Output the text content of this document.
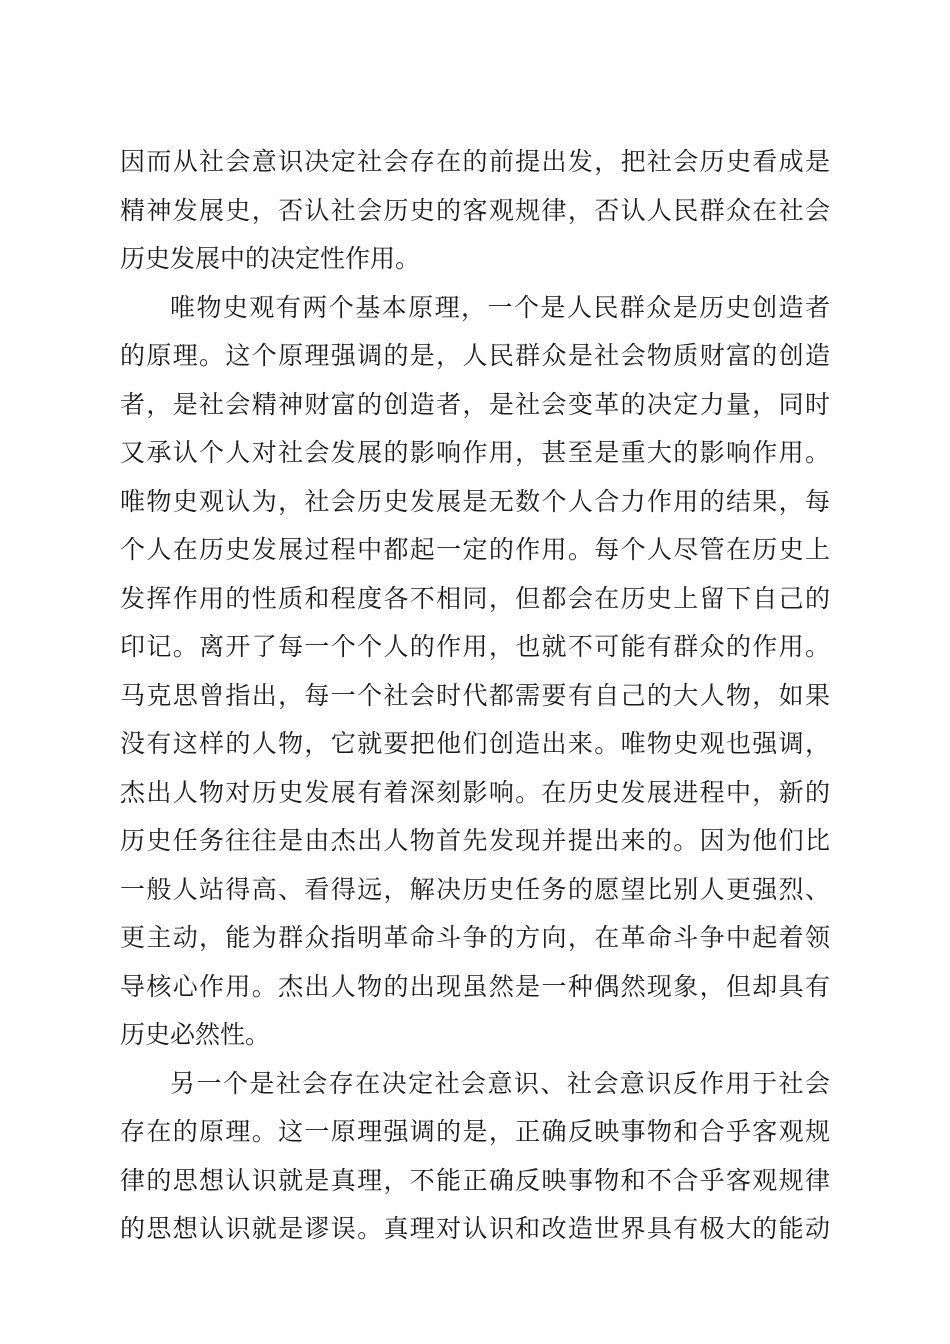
因而从社会意识决定社会存在的前提出发，把社会历史看成是
精神发展史，否认社会历史的客观规律，否认人民群众在社会
历史发展中的决定性作用。
唯物史观有两个基本原理，一个是人民群众是历史创造者
的原理。这个原理强调的是，人民群众是社会物质财富的创造
者，是社会精神财富的创造者，是社会变革的决定力量，同时
又承认个人对社会发展的影响作用，甚至是重大的影响作用。
唯物史观认为，社会历史发展是无数个人合力作用的结果，每
个人在历史发展过程中都起一定的作用。每个人尽管在历史上
发挥作用的性质和程度各不相同，但都会在历史上留下自己的
印记。离开了每一个个人的作用，也就不可能有群众的作用。
马克思曾指出，每一个社会时代都需要有自己的大人物，如果
没有这样的人物，它就要把他们创造出来。唯物史观也强调，
杰出人物对历史发展有着深刻影响。在历史发展进程中，新的
历史任务往往是由杰出人物首先发现并提出来的。因为他们比
一般人站得高、看得远，解决历史任务的愿望比别人更强烈、
更主动，能为群众指明革命斗争的方向，在革命斗争中起着领
导核心作用。杰出人物的出现虽然是一种偶然现象，但却具有
历史必然性。
另一个是社会存在决定社会意识、社会意识反作用于社会
存在的原理。这一原理强调的是，正确反映事物和合乎客观规
律的思想认识就是真理，不能正确反映事物和不合乎客观规律
的思想认识就是谬误。真理对认识和改造世界具有极大的能动
